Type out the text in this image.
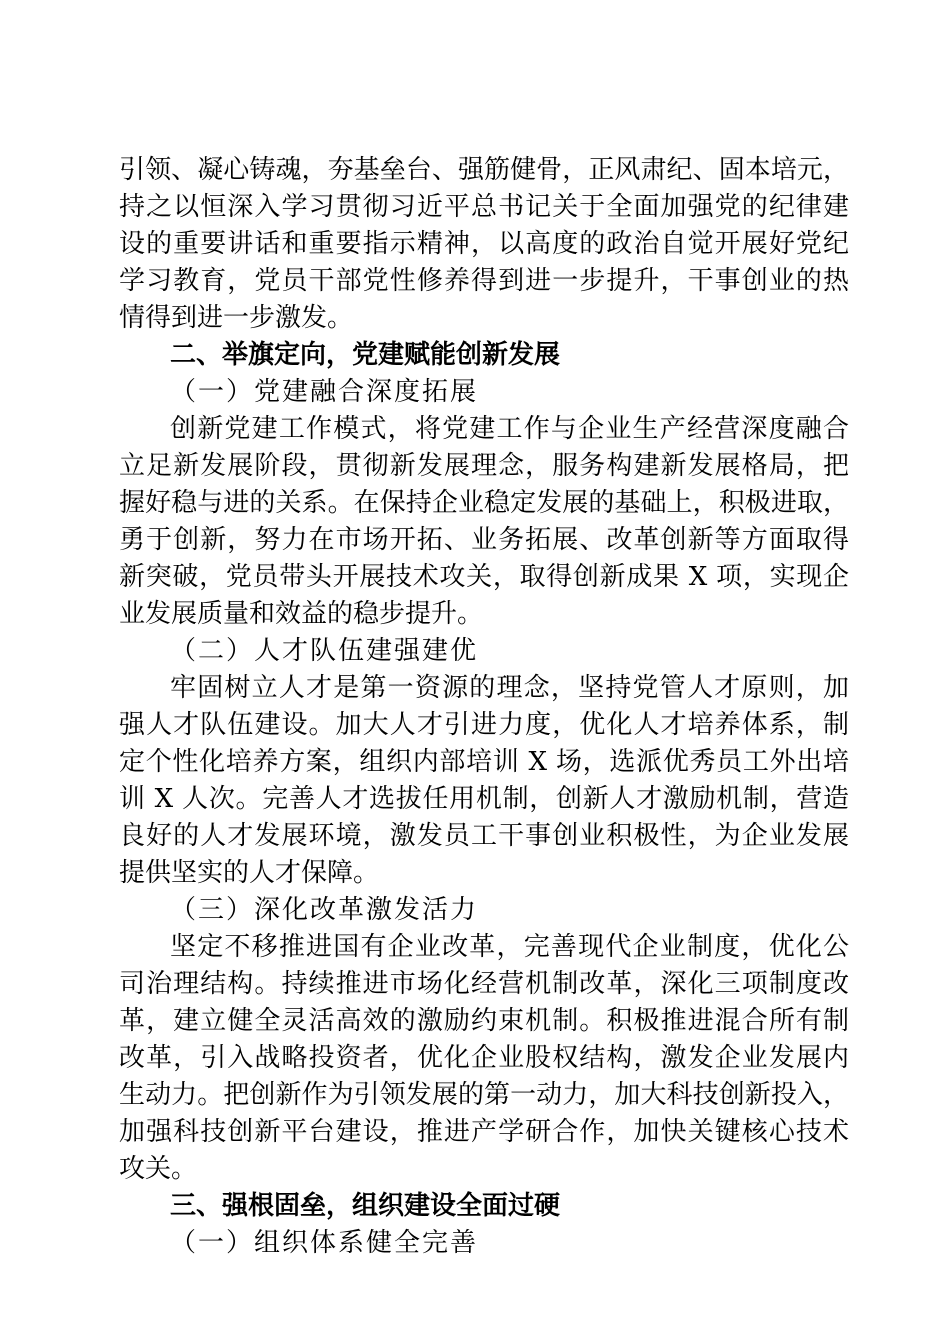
引领、凝心铸魂，夯基垒台、强筋健骨，正风肃纪、固本培元，
持之以恒深入学习贯彻习近平总书记关于全面加强党的纪律建
设的重要讲话和重要指示精神，以高度的政治自觉开展好党纪
学习教育，党员干部党性修养得到进一步提升，干事创业的热
情得到进一步激发。
二、举旗定向，党建赋能创新发展
（一）党建融合深度拓展
创新党建工作模式，将党建工作与企业生产经营深度融合
立足新发展阶段，贯彻新发展理念，服务构建新发展格局，把
握好稳与进的关系。在保持企业稳定发展的基础上，积极进取，
勇于创新，努力在市场开拓、业务拓展、改革创新等方面取得
新突破，党员带头开展技术攻关，取得创新成果 X 项，实现企
业发展质量和效益的稳步提升。
（二）人才队伍建强建优
牢固树立人才是第一资源的理念，坚持党管人才原则，加
强人才队伍建设。加大人才引进力度，优化人才培养体系，制
定个性化培养方案，组织内部培训 X 场，选派优秀员工外出培
训 X 人次。完善人才选拔任用机制，创新人才激励机制，营造
良好的人才发展环境，激发员工干事创业积极性，为企业发展
提供坚实的人才保障。
（三）深化改革激发活力
坚定不移推进国有企业改革，完善现代企业制度，优化公
司治理结构。持续推进市场化经营机制改革，深化三项制度改
革，建立健全灵活高效的激励约束机制。积极推进混合所有制
改革，引入战略投资者，优化企业股权结构，激发企业发展内
生动力。把创新作为引领发展的第一动力，加大科技创新投入，
加强科技创新平台建设，推进产学研合作，加快关键核心技术
攻关。
三、强根固垒，组织建设全面过硬
（一）组织体系健全完善
